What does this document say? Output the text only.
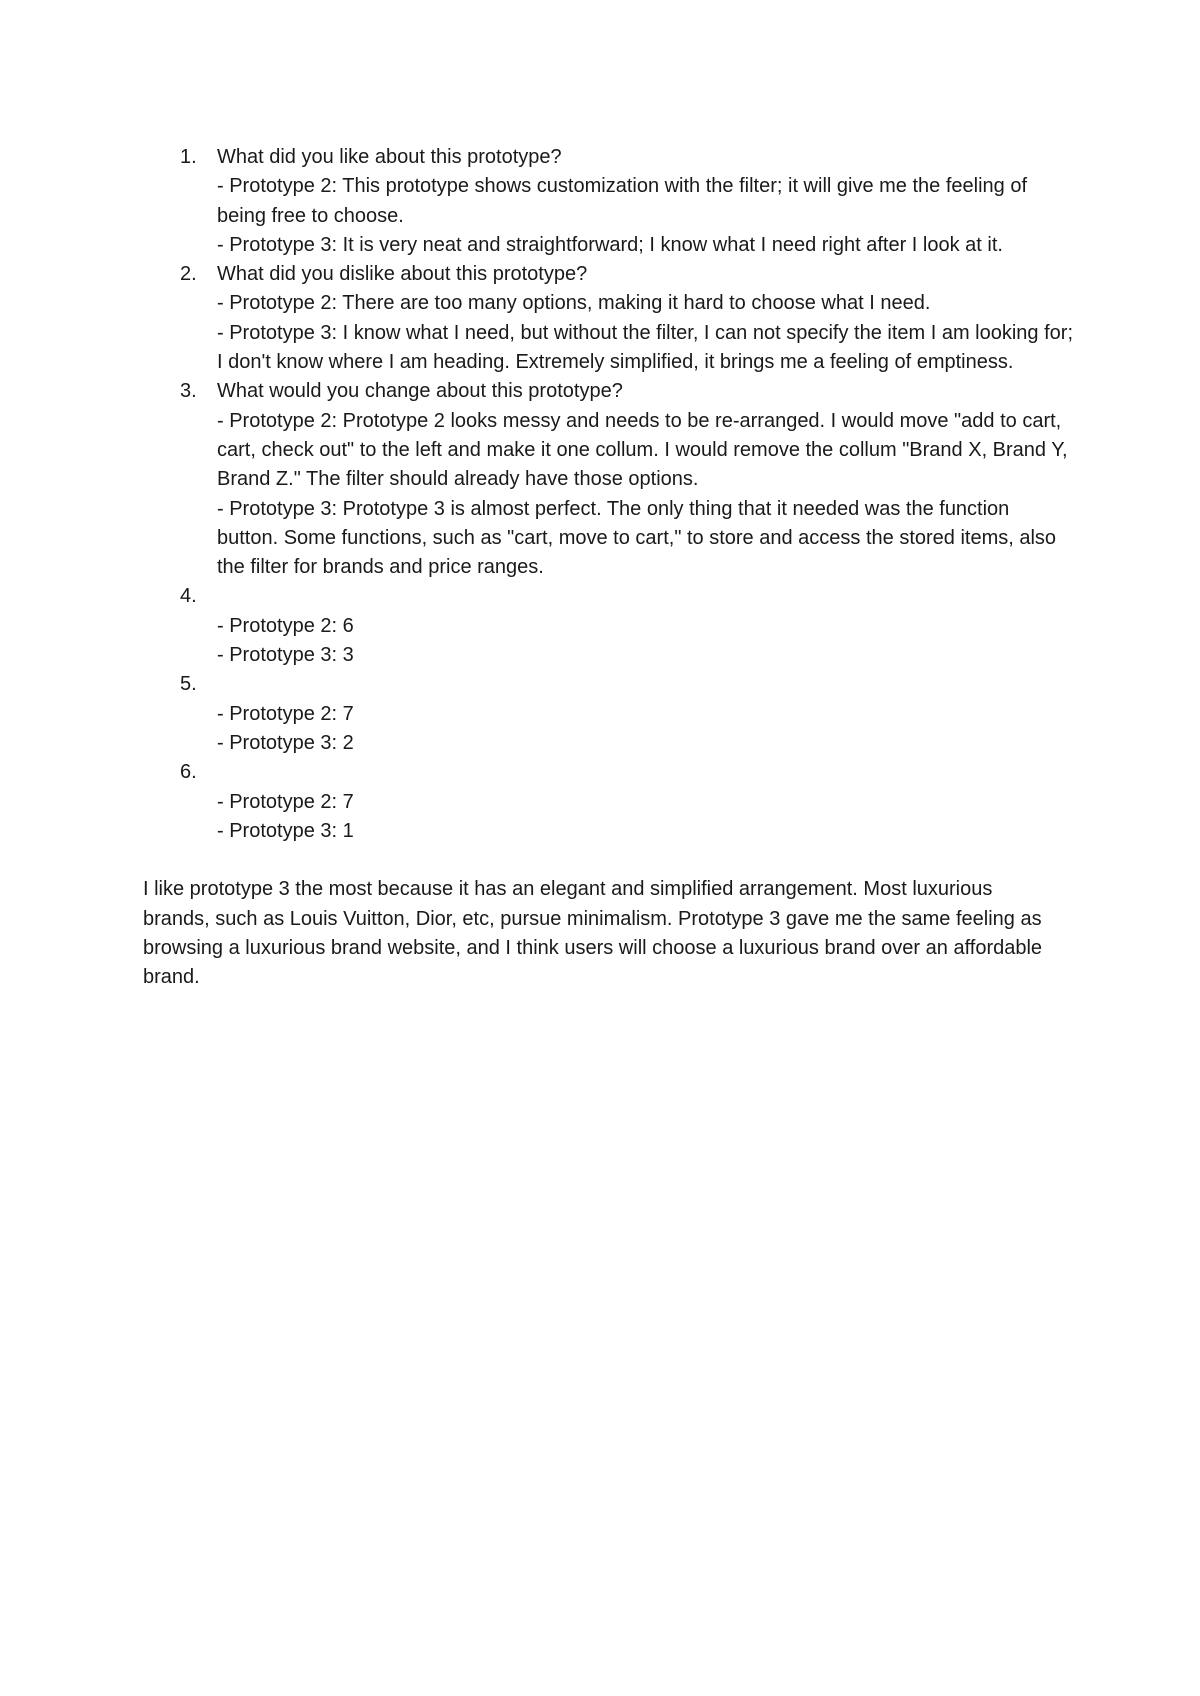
1. What did you like about this prototype?
- Prototype 2: This prototype shows customization with the filter; it will give me the feeling of being free to choose.
- Prototype 3: It is very neat and straightforward; I know what I need right after I look at it.
2. What did you dislike about this prototype?
- Prototype 2: There are too many options, making it hard to choose what I need.
- Prototype 3: I know what I need, but without the filter, I can not specify the item I am looking for; I don't know where I am heading. Extremely simplified, it brings me a feeling of emptiness.
3. What would you change about this prototype?
- Prototype 2: Prototype 2 looks messy and needs to be re-arranged. I would move "add to cart, cart, check out" to the left and make it one collum. I would remove the collum "Brand X, Brand Y, Brand Z." The filter should already have those options.
- Prototype 3: Prototype 3 is almost perfect. The only thing that it needed was the function button. Some functions, such as "cart, move to cart," to store and access the stored items, also the filter for brands and price ranges.
4.
- Prototype 2: 6
- Prototype 3: 3
5.
- Prototype 2: 7
- Prototype 3: 2
6.
- Prototype 2: 7
- Prototype 3: 1

I like prototype 3 the most because it has an elegant and simplified arrangement. Most luxurious brands, such as Louis Vuitton, Dior, etc, pursue minimalism. Prototype 3 gave me the same feeling as browsing a luxurious brand website, and I think users will choose a luxurious brand over an affordable brand.
